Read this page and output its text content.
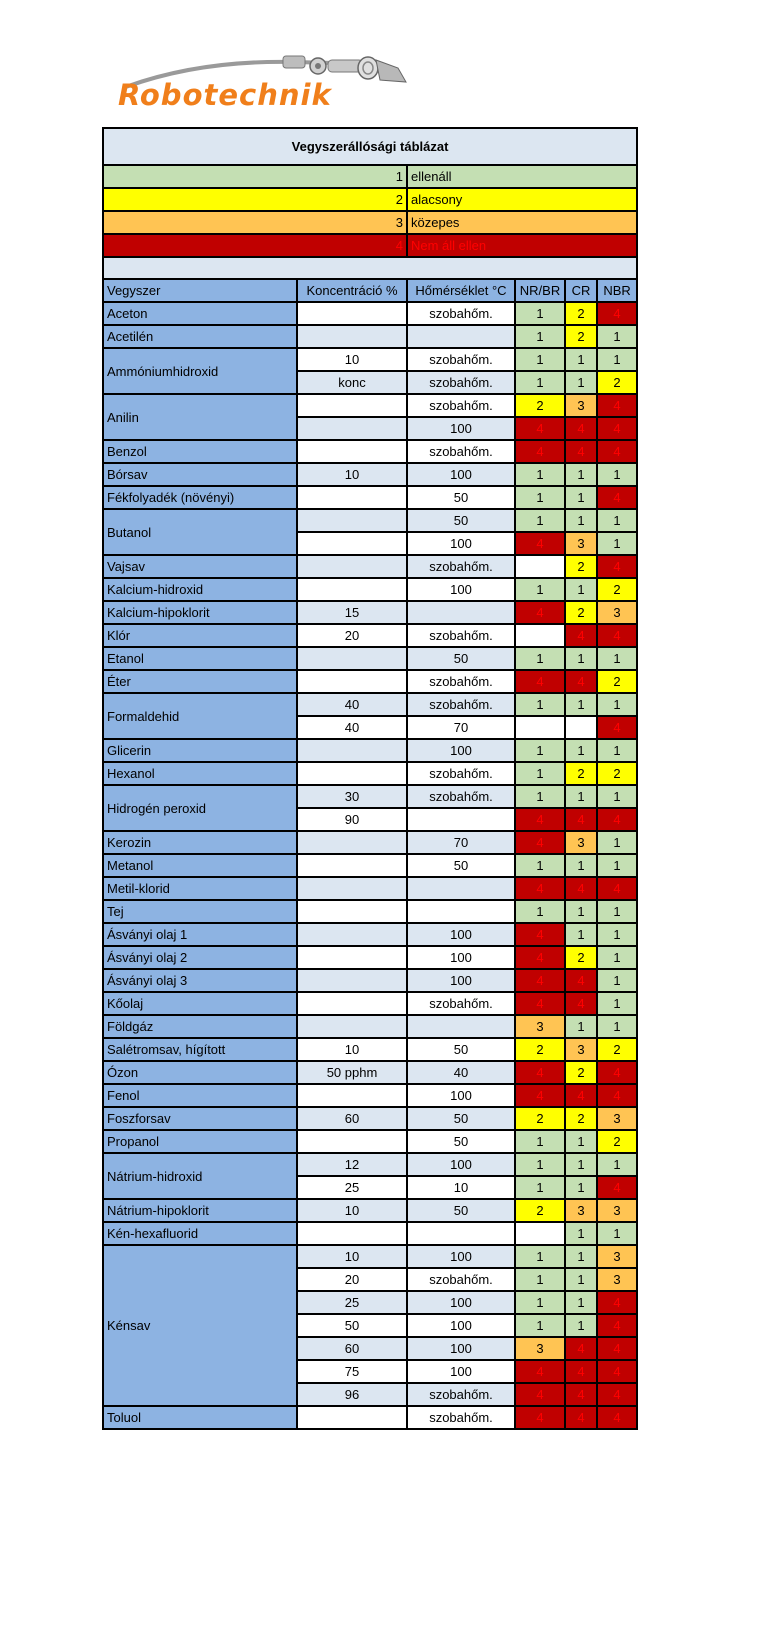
Robotechnik
Vegyszerállósági táblázat					
1		ellenáll			
2		alacsony			
3		közepes			
4		Nem áll ellen			

Vegyszer	Koncentráció %	Hőmérséklet °C	NR/BR	CR	NBR
Aceton		szobahőm.	1	2	4
Acetilén			1	2	1
Ammóniumhidroxid	10	szobahőm.	1	1	1
	konc	szobahőm.	1	1	2
Anilin		szobahőm.	2	3	4
		100	4	4	4
Benzol		szobahőm.	4	4	4
Bórsav	10	100	1	1	1
Fékfolyadék (növényi)		50	1	1	4
Butanol		50	1	1	1
		100	4	3	1
Vajsav		szobahőm.		2	4
Kalcium-hidroxid		100	1	1	2
Kalcium-hipoklorit	15		4	2	3
Klór	20	szobahőm.		4	4
Etanol		50	1	1	1
Éter		szobahőm.	4	4	2
Formaldehid	40	szobahőm.	1	1	1
	40	70			4
Glicerin		100	1	1	1
Hexanol		szobahőm.	1	2	2
Hidrogén peroxid	30	szobahőm.	1	1	1
	90		4	4	4
Kerozin		70	4	3	1
Metanol		50	1	1	1
Metil-klorid			4	4	4
Tej			1	1	1
Ásványi olaj 1		100	4	1	1
Ásványi olaj 2		100	4	2	1
Ásványi olaj 3		100	4	4	1
Kőolaj		szobahőm.	4	4	1
Földgáz			3	1	1
Salétromsav, hígított	10	50	2	3	2
Ózon	50 pphm	40	4	2	4
Fenol		100	4	4	4
Foszforsav	60	50	2	2	3
Propanol		50	1	1	2
Nátrium-hidroxid	12	100	1	1	1
	25	10	1	1	4
Nátrium-hipoklorit	10	50	2	3	3
Kén-hexafluorid				1	1
Kénsav	10	100	1	1	3
	20	szobahőm.	1	1	3
	25	100	1	1	4
	50	100	1	1	4
	60	100	3	4	4
	75	100	4	4	4
	96	szobahőm.	4	4	4
Toluol		szobahőm.	4	4	4
